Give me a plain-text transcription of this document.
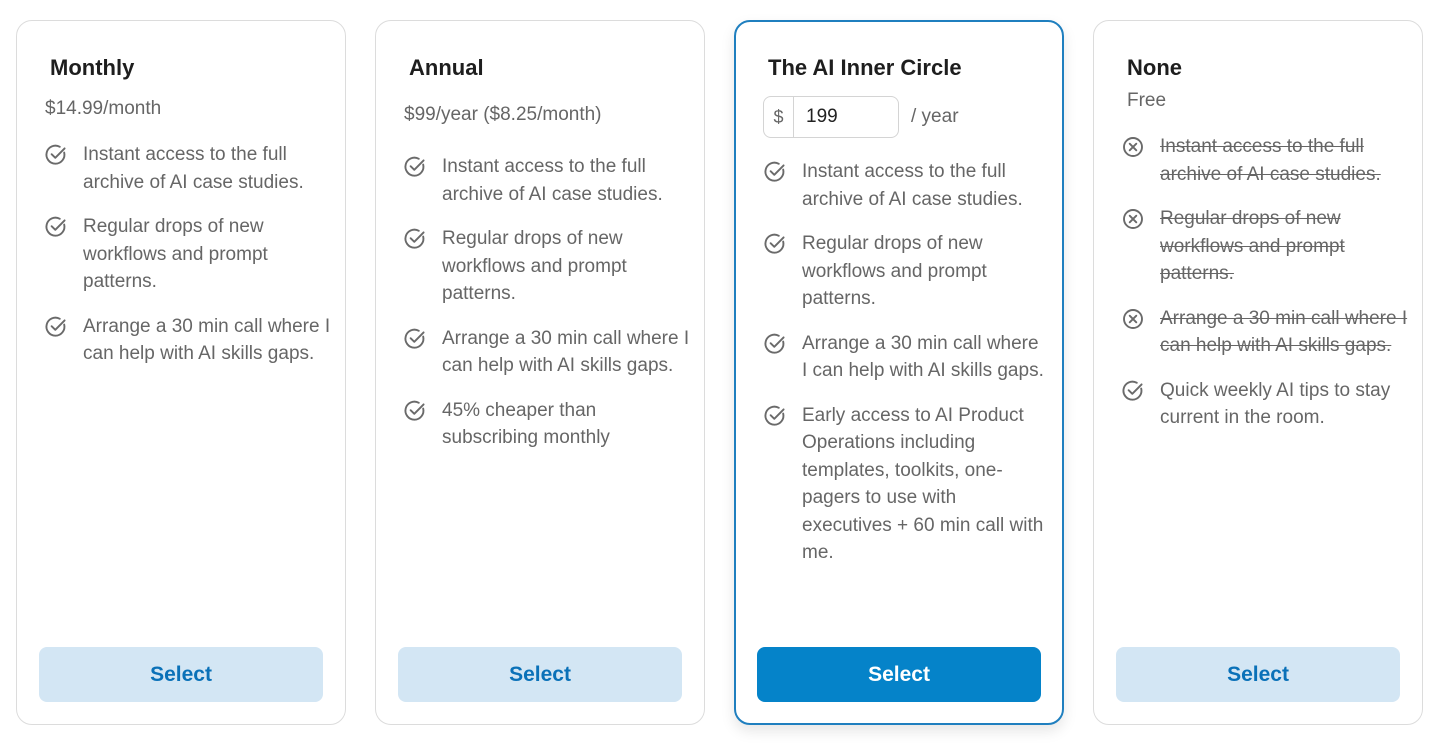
Monthly
$14.99/month
Instant access to the full archive of AI case studies.
Regular drops of new workflows and prompt patterns.
Arrange a 30 min call where I can help with AI skills gaps.
Select
Annual
$99/year ($8.25/month)
Instant access to the full archive of AI case studies.
Regular drops of new workflows and prompt patterns.
Arrange a 30 min call where I can help with AI skills gaps.
45% cheaper than subscribing monthly
Select
The AI Inner Circle
$
199	/ year
Instant access to the full archive of AI case studies.
Regular drops of new workflows and prompt patterns.
Arrange a 30 min call where I can help with AI skills gaps.
Early access to AI Product Operations including templates, toolkits, one-pagers to use with executives + 60 min call with me.
Select
None
Free
Instant access to the full archive of AI case studies.
Regular drops of new workflows and prompt patterns.
Arrange a 30 min call where I can help with AI skills gaps.
Quick weekly AI tips to stay current in the room.
Select
